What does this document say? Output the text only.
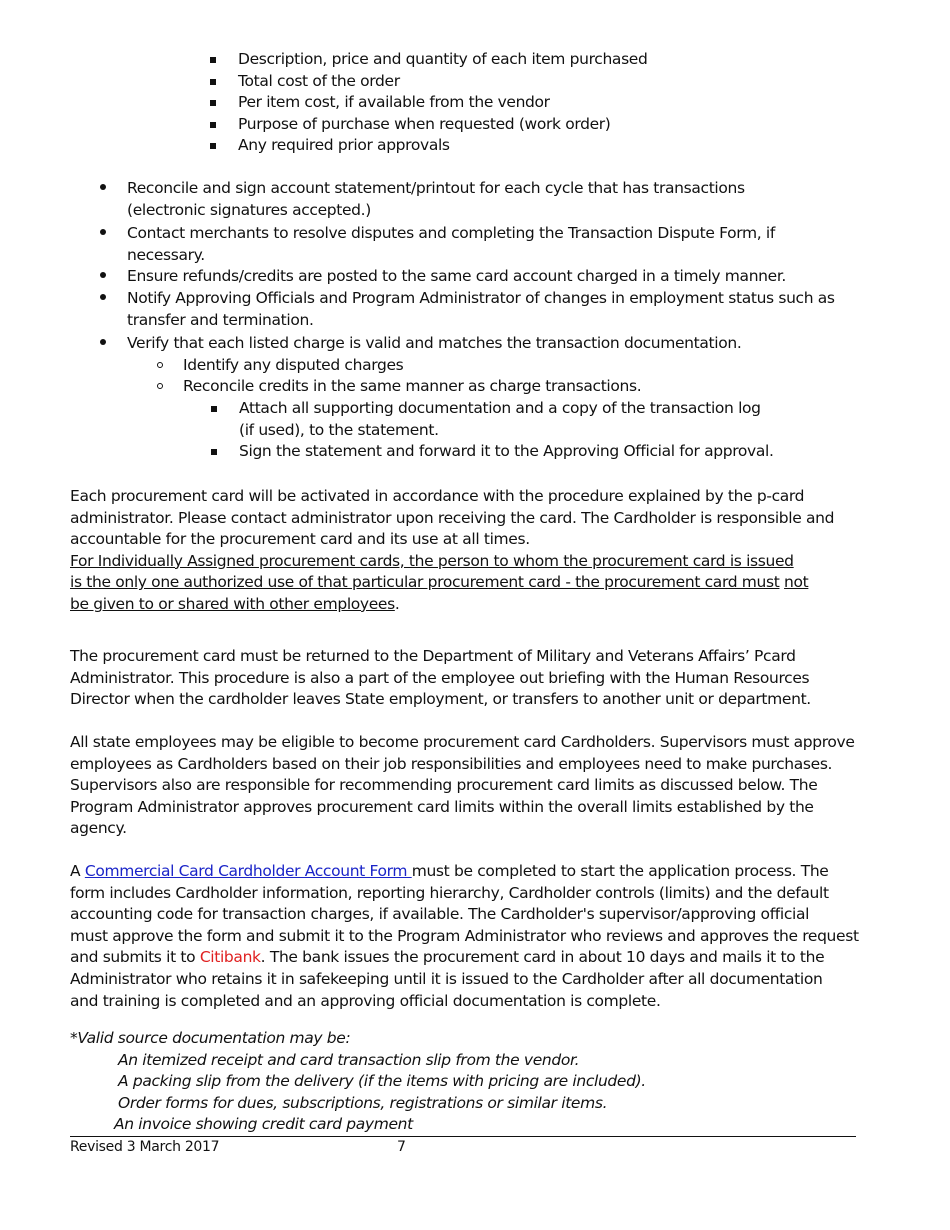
Description, price and quantity of each item purchased
Total cost of the order
Per item cost, if available from the vendor
Purpose of purchase when requested (work order)
Any required prior approvals
Reconcile and sign account statement/printout for each cycle that has transactions
(electronic signatures accepted.)
Contact merchants to resolve disputes and completing the Transaction Dispute Form, if
necessary.
Ensure refunds/credits are posted to the same card account charged in a timely manner.
Notify Approving Officials and Program Administrator of changes in employment status such as
transfer and termination.
Verify that each listed charge is valid and matches the transaction documentation.
Identify any disputed charges
Reconcile credits in the same manner as charge transactions.
Attach all supporting documentation and a copy of the transaction log
(if used), to the statement.
Sign the statement and forward it to the Approving Official for approval.
Each procurement card will be activated in accordance with the procedure explained by the p-card
administrator. Please contact administrator upon receiving the card. The Cardholder is responsible and
accountable for the procurement card and its use at all times.
For Individually Assigned procurement cards, the person to whom the procurement card is issued
is the only one authorized use of that particular procurement card - the procurement card must not
be given to or shared with other employees.
The procurement card must be returned to the Department of Military and Veterans Affairs’ Pcard
Administrator. This procedure is also a part of the employee out briefing with the Human Resources
Director when the cardholder leaves State employment, or transfers to another unit or department.
All state employees may be eligible to become procurement card Cardholders. Supervisors must approve
employees as Cardholders based on their job responsibilities and employees need to make purchases.
Supervisors also are responsible for recommending procurement card limits as discussed below. The
Program Administrator approves procurement card limits within the overall limits established by the
agency.
A Commercial Card Cardholder Account Form must be completed to start the application process. The
form includes Cardholder information, reporting hierarchy, Cardholder controls (limits) and the default
accounting code for transaction charges, if available. The Cardholder's supervisor/approving official
must approve the form and submit it to the Program Administrator who reviews and approves the request
and submits it to Citibank. The bank issues the procurement card in about 10 days and mails it to the
Administrator who retains it in safekeeping until it is issued to the Cardholder after all documentation
and training is completed and an approving official documentation is complete.
*Valid source documentation may be:
An itemized receipt and card transaction slip from the vendor.
A packing slip from the delivery (if the items with pricing are included).
Order forms for dues, subscriptions, registrations or similar items.
An invoice showing credit card payment
Revised 3 March 2017	7
